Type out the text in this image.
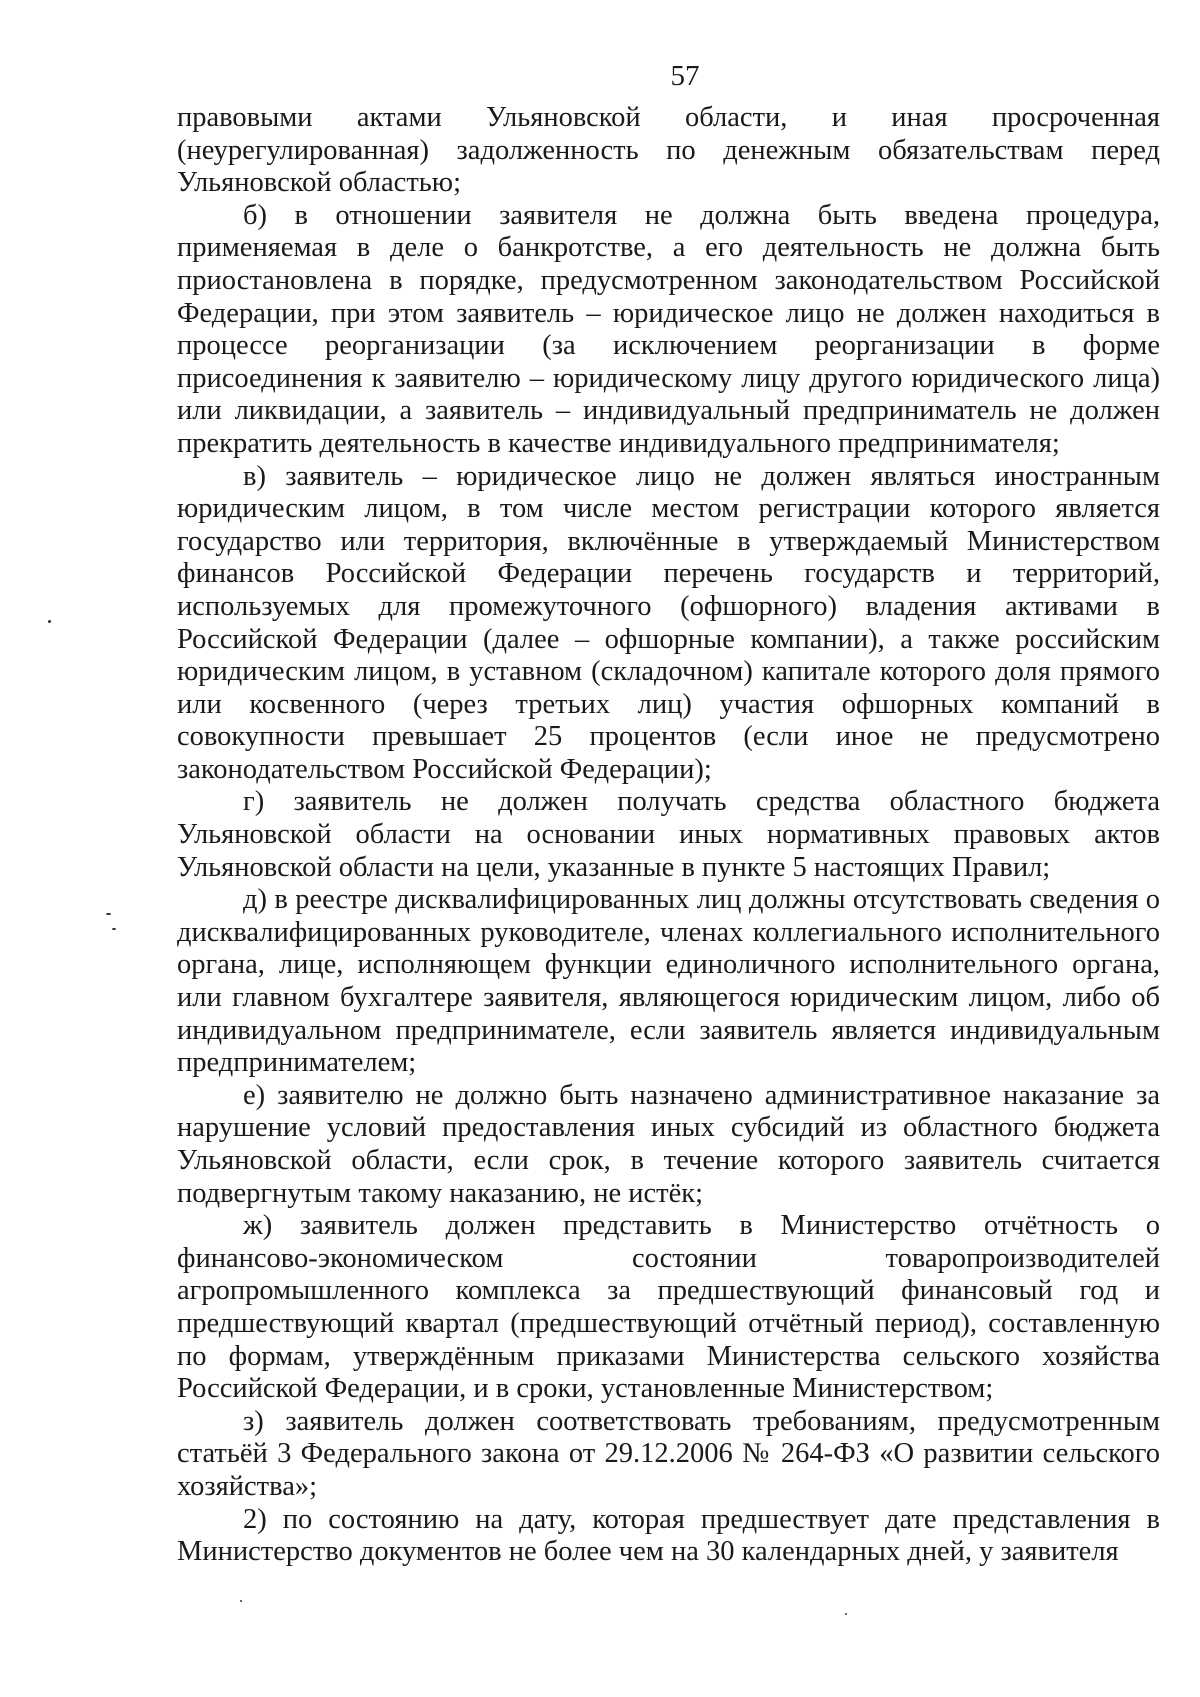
57

правовыми актами Ульяновской области, и иная просроченная (неурегулированная) задолженность по денежным обязательствам перед Ульяновской областью;

б) в отношении заявителя не должна быть введена процедура, применяемая в деле о банкротстве, а его деятельность не должна быть приостановлена в порядке, предусмотренном законодательством Российской Федерации, при этом заявитель – юридическое лицо не должен находиться в процессе реорганизации (за исключением реорганизации в форме присоединения к заявителю – юридическому лицу другого юридического лица) или ликвидации, а заявитель – индивидуальный предприниматель не должен прекратить деятельность в качестве индивидуального предпринимателя;

в) заявитель – юридическое лицо не должен являться иностранным юридическим лицом, в том числе местом регистрации которого является государство или территория, включённые в утверждаемый Министерством финансов Российской Федерации перечень государств и территорий, используемых для промежуточного (офшорного) владения активами в Российской Федерации (далее – офшорные компании), а также российским юридическим лицом, в уставном (складочном) капитале которого доля прямого или косвенного (через третьих лиц) участия офшорных компаний в совокупности превышает 25 процентов (если иное не предусмотрено законодательством Российской Федерации);

г) заявитель не должен получать средства областного бюджета Ульяновской области на основании иных нормативных правовых актов Ульяновской области на цели, указанные в пункте 5 настоящих Правил;

д) в реестре дисквалифицированных лиц должны отсутствовать сведения о дисквалифицированных руководителе, членах коллегиального исполнительного органа, лице, исполняющем функции единоличного исполнительного органа, или главном бухгалтере заявителя, являющегося юридическим лицом, либо об индивидуальном предпринимателе, если заявитель является индивидуальным предпринимателем;

е) заявителю не должно быть назначено административное наказание за нарушение условий предоставления иных субсидий из областного бюджета Ульяновской области, если срок, в течение которого заявитель считается подвергнутым такому наказанию, не истёк;

ж) заявитель должен представить в Министерство отчётность о финансово-экономическом состоянии товаропроизводителей агропромышленного комплекса за предшествующий финансовый год и предшествующий квартал (предшествующий отчётный период), составленную по формам, утверждённым приказами Министерства сельского хозяйства Российской Федерации, и в сроки, установленные Министерством;

з) заявитель должен соответствовать требованиям, предусмотренным статьёй 3 Федерального закона от 29.12.2006 № 264-ФЗ «О развитии сельского хозяйства»;

2) по состоянию на дату, которая предшествует дате представления в Министерство документов не более чем на 30 календарных дней, у заявителя
